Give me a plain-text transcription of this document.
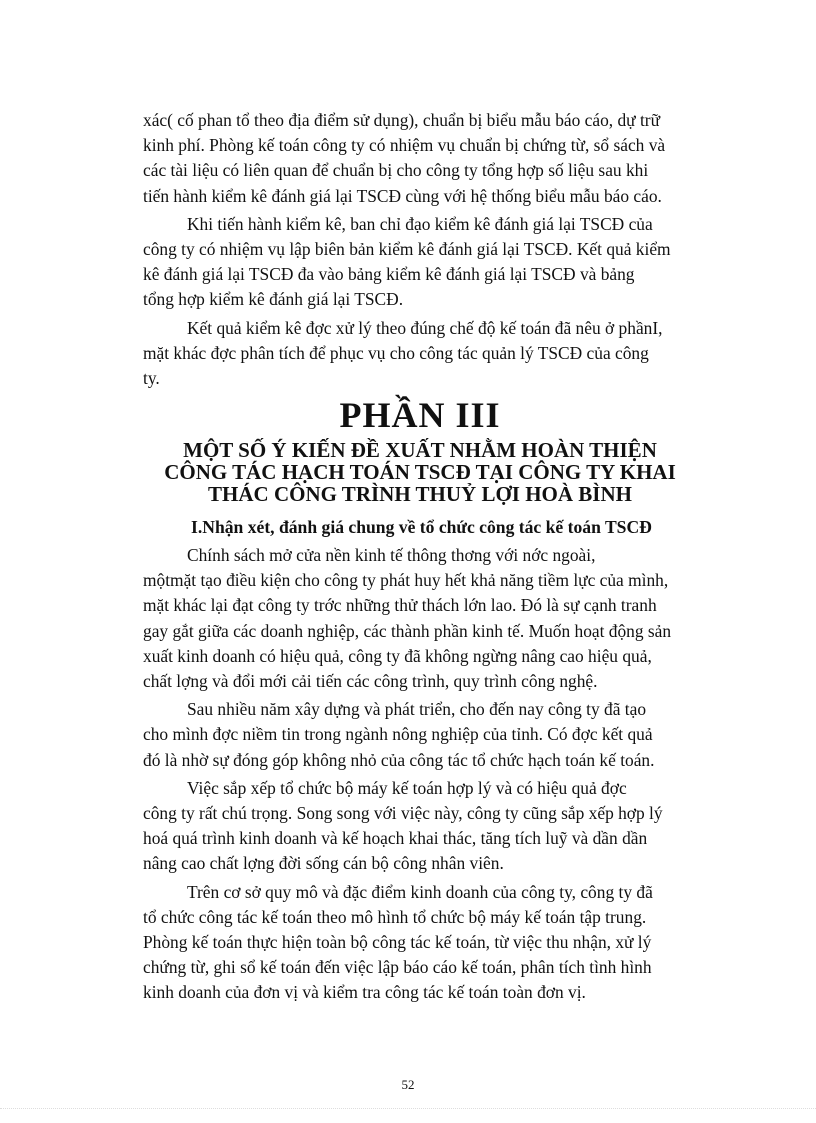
xác( cố phan tổ theo địa điểm sử dụng), chuẩn bị biểu mẫu báo cáo, dự trữ
kinh phí. Phòng kế toán công ty có nhiệm vụ chuẩn bị chứng từ, sổ sách và
các tài liệu có liên quan để chuẩn bị cho công ty tổng hợp số liệu sau khi
tiến hành kiểm kê đánh giá lại TSCĐ cùng với hệ thống biểu mẫu báo cáo.

Khi tiến hành kiểm kê, ban chỉ đạo kiểm kê đánh giá lại TSCĐ của
công ty có nhiệm vụ lập biên bản kiểm kê đánh giá lại TSCĐ. Kết quả kiểm
kê đánh giá lại TSCĐ đa vào bảng kiểm kê đánh giá lại TSCĐ và bảng
tổng hợp kiểm kê đánh giá lại TSCĐ.

Kết quả kiểm kê đợc xử lý theo đúng chế độ kế toán đã nêu ở phầnI,
mặt khác đợc phân tích để phục vụ cho công tác quản lý TSCĐ của công
ty.

PHẦN III
MỘT SỐ Ý KIẾN ĐỀ XUẤT NHẰM HOÀN THIỆN
CÔNG TÁC HẠCH TOÁN TSCĐ TẠI CÔNG TY KHAI
THÁC CÔNG TRÌNH THUỶ LỢI HOÀ BÌNH
I.Nhận xét, đánh giá chung về tổ chức công tác kế toán TSCĐ

Chính sách mở cửa nền kinh tế thông thơng với nớc ngoài,
mộtmặt tạo điều kiện cho công ty phát huy hết khả năng tiềm lực của mình,
mặt khác lại đạt công ty trớc những thử thách lớn lao. Đó là sự cạnh tranh
gay gắt giữa các doanh nghiệp, các thành phần kinh tế. Muốn hoạt động sản
xuất kinh doanh có hiệu quả, công ty đã không ngừng nâng cao hiệu quả,
chất lợng và đổi mới cải tiến các công trình, quy trình công nghệ.

Sau nhiều năm xây dựng và phát triển, cho đến nay công ty đã tạo
cho mình đợc niềm tin trong ngành nông nghiệp của tỉnh. Có đợc kết quả
đó là nhờ sự đóng góp không nhỏ của công tác tổ chức hạch toán kế toán.

Việc sắp xếp tổ chức bộ máy kế toán hợp lý và có hiệu quả đợc
công ty rất chú trọng. Song song với việc này, công ty cũng sắp xếp hợp lý
hoá quá trình kinh doanh và kế hoạch khai thác, tăng tích luỹ và dần dần
nâng cao chất lợng đời sống cán bộ công nhân viên.

Trên cơ sở quy mô và đặc điểm kinh doanh của công ty, công ty đã
tổ chức công tác kế toán theo mô hình tổ chức bộ máy kế toán tập trung.
Phòng kế toán thực hiện toàn bộ công tác kế toán, từ việc thu nhận, xử lý
chứng từ, ghi sổ kế toán đến việc lập báo cáo kế toán, phân tích tình hình
kinh doanh của đơn vị và kiểm tra công tác kế toán toàn đơn vị.

52
